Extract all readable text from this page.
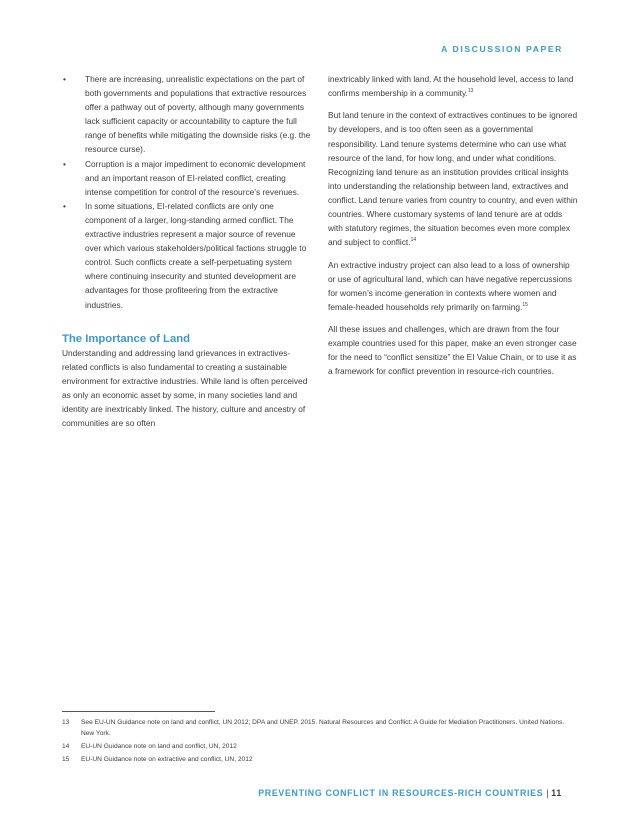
A DISCUSSION PAPER
• There are increasing, unrealistic expectations on the part of both governments and populations that extractive resources offer a pathway out of poverty, although many governments lack sufficient capacity or accountability to capture the full range of benefits while mitigating the downside risks (e.g. the resource curse).
• Corruption is a major impediment to economic development and an important reason of EI-related conflict, creating intense competition for control of the resource’s revenues.
• In some situations, EI-related conflicts are only one component of a larger, long-standing armed conflict. The extractive industries represent a major source of revenue over which various stakeholders/political factions struggle to control. Such conflicts create a self-perpetuating system where continuing insecurity and stunted development are advantages for those profiteering from the extractive industries.
The Importance of Land

Understanding and addressing land grievances in extractives-related conflicts is also fundamental to creating a sustainable environment for extractive industries. While land is often perceived as only an economic asset by some, in many societies land and identity are inextricably linked. The history, culture and ancestry of communities are so often

inextricably linked with land. At the household level, access to land confirms membership in a community.$^{13}$

But land tenure in the context of extractives continues to be ignored by developers, and is too often seen as a governmental responsibility. Land tenure systems determine who can use what resource of the land, for how long, and under what conditions. Recognizing land tenure as an institution provides critical insights into understanding the relationship between land, extractives and conflict. Land tenure varies from country to country, and even within countries. Where customary systems of land tenure are at odds with statutory regimes, the situation becomes even more complex and subject to conflict.$^{14}$

An extractive industry project can also lead to a loss of ownership or use of agricultural land, which can have negative repercussions for women’s income generation in contexts where women and female-headed households rely primarily on farming.$^{15}$

All these issues and challenges, which are drawn from the four example countries used for this paper, make an even stronger case for the need to “conflict sensitize” the EI Value Chain, or to use it as a framework for conflict prevention in resource-rich countries.

13 See EU-UN Guidance note on land and conflict, UN 2012; DPA and UNEP. 2015. Natural Resources and Conflict: A Guide for Mediation Practitioners. United Nations. New York.
14 EU-UN Guidance note on land and conflict, UN, 2012
15 EU-UN Guidance note on extractive and conflict, UN, 2012
PREVENTING CONFLICT IN RESOURCES-RICH COUNTRIES | 11
